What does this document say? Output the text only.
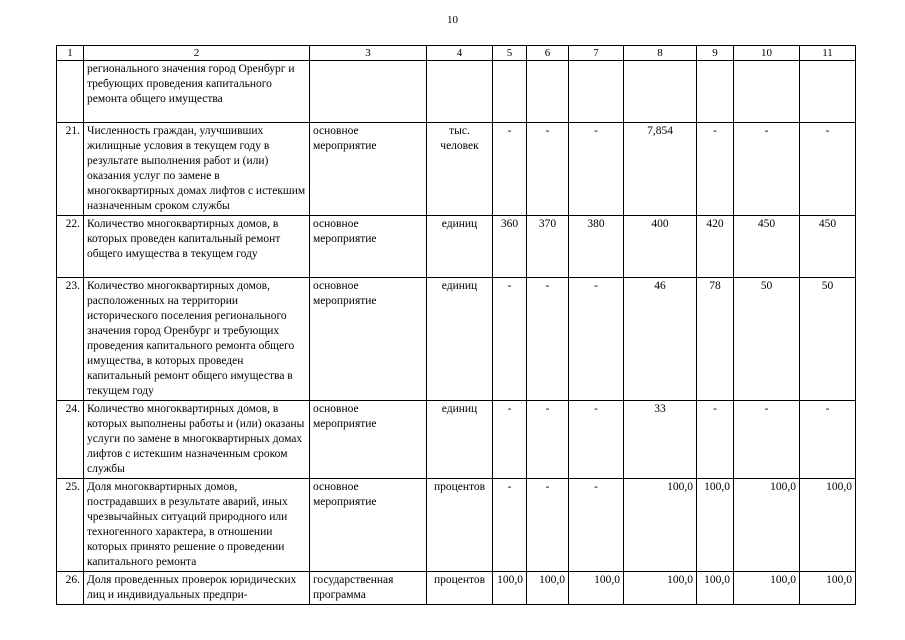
10
1	2	3	4	5	6	7	8	9	10	11
	регионального значения город Оренбург и требующих проведения капитального ремонта общего имущества									
21.	Численность граждан, улучшивших жилищные условия в текущем году в результате выполнения работ и (или) оказания услуг по замене в многоквартирных домах лифтов с истекшим назначенным сроком службы	основное мероприятие	тыс. человек	-	-	-	7,854	-	-	-
22.	Количество многоквартирных домов, в которых проведен капитальный ремонт общего имущества в текущем году	основное мероприятие	единиц	360	370	380	400	420	450	450
23.	Количество многоквартирных домов, расположенных на территории исторического поселения регионального значения город Оренбург и требующих проведения капитального ремонта общего имущества, в которых проведен капитальный ремонт общего имущества в текущем году	основное мероприятие	единиц	-	-	-	46	78	50	50
24.	Количество многоквартирных домов, в которых выполнены работы и (или) оказаны услуги по замене в многоквартирных домах лифтов с истекшим назначенным сроком службы	основное мероприятие	единиц	-	-	-	33	-	-	-
25.	Доля многоквартирных домов, пострадавших в результате аварий, иных чрезвычайных ситуаций природного или техногенного характера, в отношении которых принято решение о проведении капитального ремонта	основное мероприятие	процентов	-	-	-	100,0	100,0	100,0	100,0
26.	Доля проведенных проверок юридических лиц и индивидуальных предпри-	государственная программа	процентов	100,0	100,0	100,0	100,0	100,0	100,0	100,0
